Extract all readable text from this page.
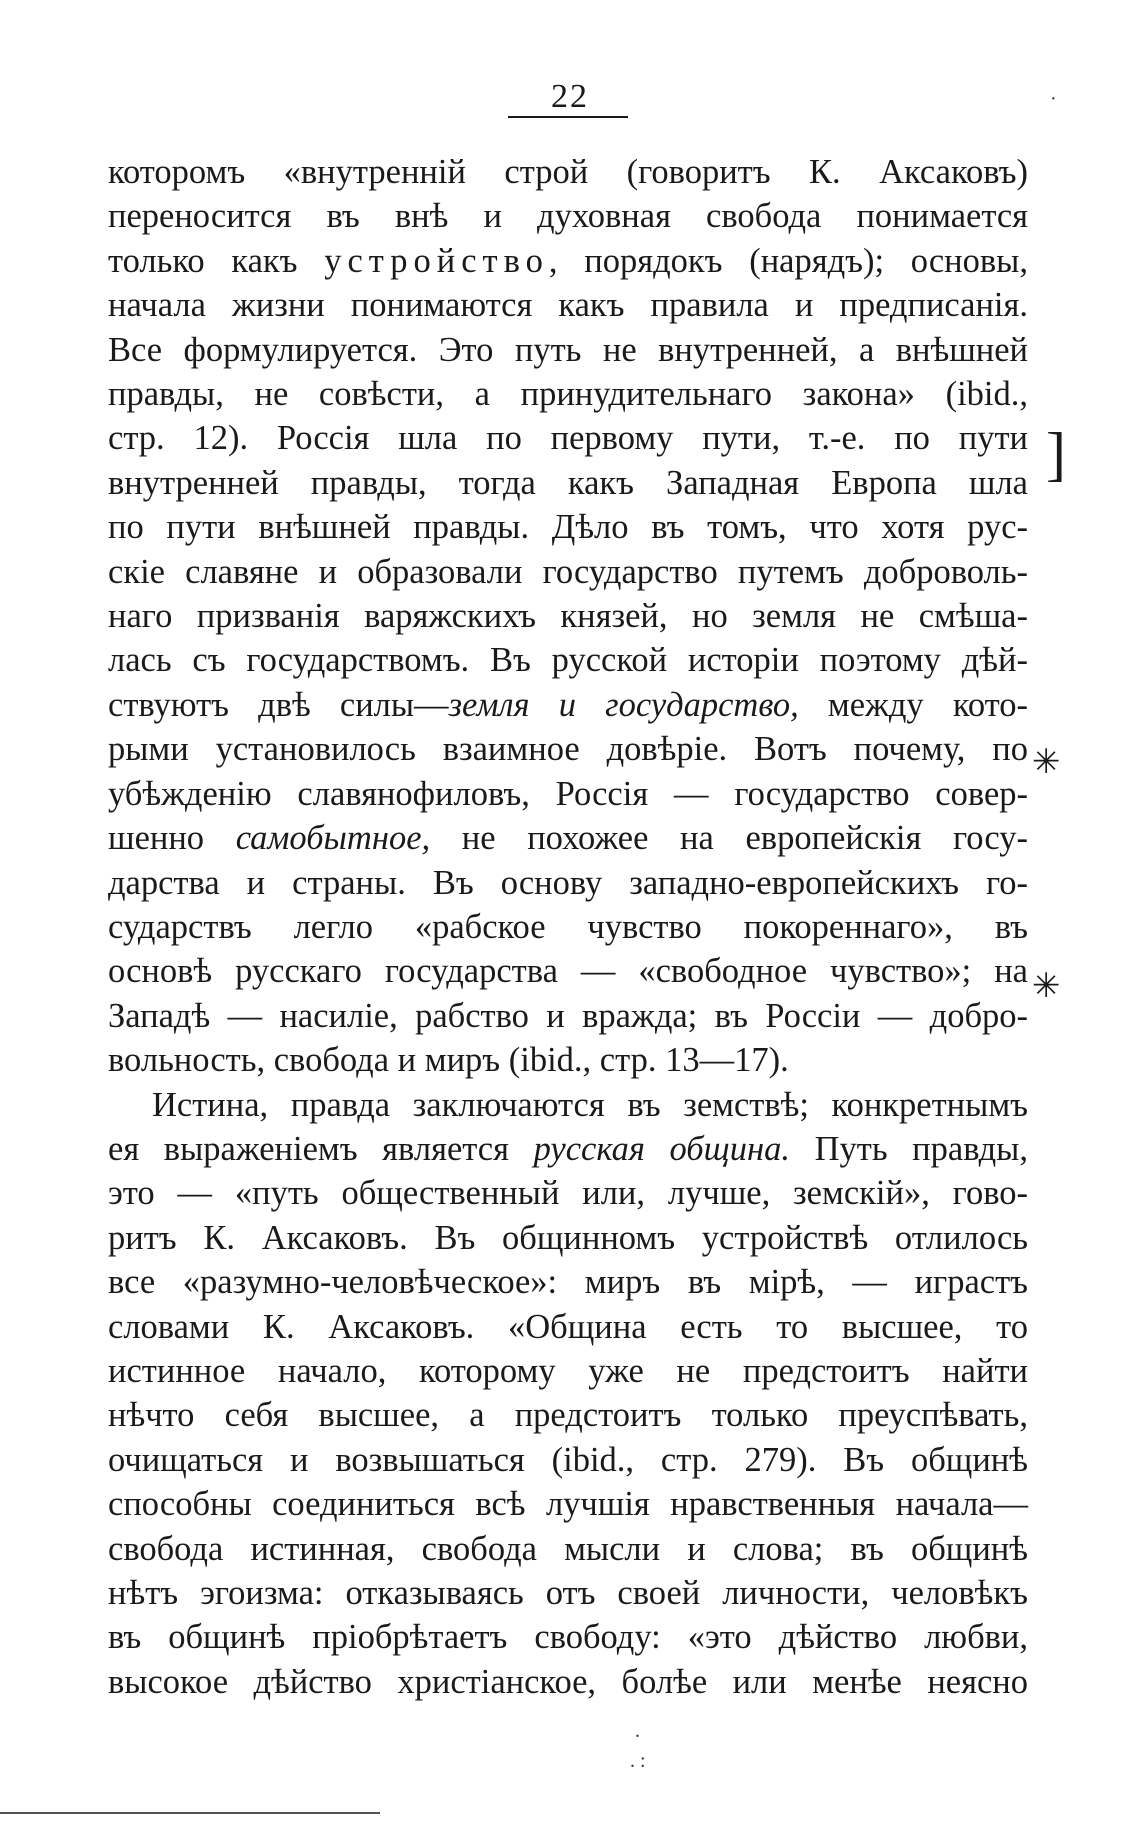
22	·
которомъ «внутренній строй (говоритъ К. Аксаковъ)
переносится въ внѣ и духовная свобода понимается
только какъ устройство, порядокъ (нарядъ); основы,
начала жизни понимаются какъ правила и предписанія.
Все формулируется. Это путь не внутренней, а внѣшней
правды, не совѣсти, а принудительнаго закона» (ibid.,
стр. 12). Россія шла по первому пути, т.-е. по пути
внутренней правды, тогда какъ Западная Европа шла
по пути внѣшней правды. Дѣло въ томъ, что хотя рус-
скіе славяне и образовали государство путемъ доброволь-
наго призванія варяжскихъ князей, но земля не смѣша-
лась съ государствомъ. Въ русской исторіи поэтому дѣй-
ствуютъ двѣ силы—земля и государство, между кото-
рыми установилось взаимное довѣріе. Вотъ почему, по
убѣжденію славянофиловъ, Россія — государство совер-
шенно самобытное, не похожее на европейскія госу-
дарства и страны. Въ основу западно-европейскихъ го-
сударствъ легло «рабское чувство покореннаго», въ
основѣ русскаго государства — «свободное чувство»; на
Западѣ — насиліе, рабство и вражда; въ Россіи — добро-
вольность, свобода и миръ (ibid., стр. 13—17).
Истина, правда заключаются въ земствѣ; конкретнымъ
ея выраженіемъ является русская община. Путь правды,
это — «путь общественный или, лучше, земскій», гово-
ритъ К. Аксаковъ. Въ общинномъ устройствѣ отлилось
все «разумно-человѣческое»: миръ въ мірѣ, — играстъ
словами К. Аксаковъ. «Община есть то высшее, то
истинное начало, которому уже не предстоитъ найти
нѣчто себя высшее, а предстоитъ только преуспѣвать,
очищаться и возвышаться (ibid., стр. 279). Въ общинѣ
способны соединиться всѣ лучшія нравственныя начала—
свобода истинная, свобода мысли и слова; въ общинѣ
нѣтъ эгоизма: отказываясь отъ своей личности, человѣкъ
въ общинѣ пріобрѣтаетъ свободу: «это дѣйство любви,
высокое дѣйство христіанское, болѣе или менѣе неясно
]
✳
✳
.
. :
